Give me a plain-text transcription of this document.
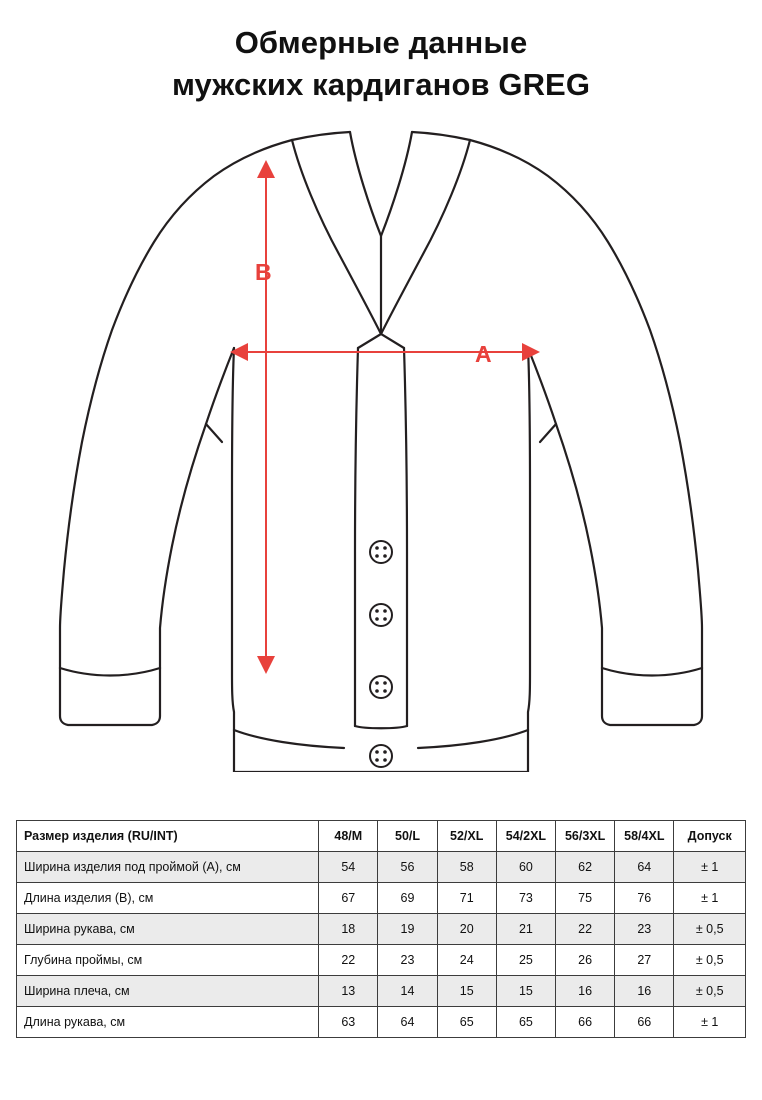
Обмерные данные
мужских кардиганов GREG
A
B
Размер изделия (RU/INT)	48/M	50/L	52/XL	54/2XL	56/3XL	58/4XL	Допуск
Ширина изделия под проймой (A), см	54	56	58	60	62	64	± 1
Длина изделия (B), см	67	69	71	73	75	76	± 1
Ширина рукава, см	18	19	20	21	22	23	± 0,5
Глубина проймы, см	22	23	24	25	26	27	± 0,5
Ширина плеча, см	13	14	15	15	16	16	± 0,5
Длина рукава, см	63	64	65	65	66	66	± 1
